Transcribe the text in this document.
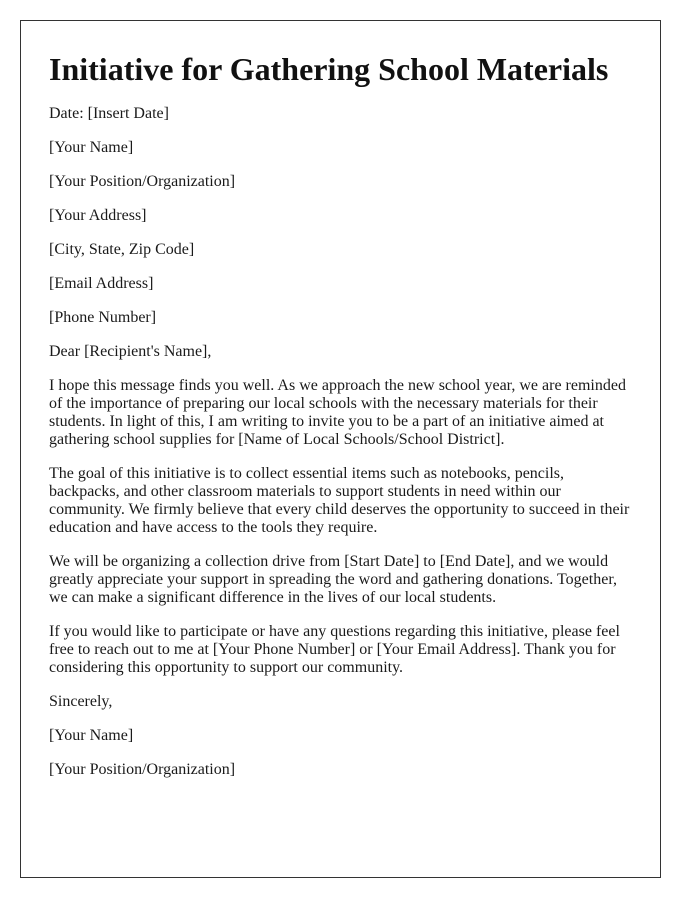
Initiative for Gathering School Materials
Date: [Insert Date]
[Your Name]
[Your Position/Organization]
[Your Address]
[City, State, Zip Code]
[Email Address]
[Phone Number]
Dear [Recipient's Name],

I hope this message finds you well. As we approach the new school year, we are reminded of the importance of preparing our local schools with the necessary materials for their students. In light of this, I am writing to invite you to be a part of an initiative aimed at gathering school supplies for [Name of Local Schools/School District].

The goal of this initiative is to collect essential items such as notebooks, pencils, backpacks, and other classroom materials to support students in need within our community. We firmly believe that every child deserves the opportunity to succeed in their education and have access to the tools they require.

We will be organizing a collection drive from [Start Date] to [End Date], and we would greatly appreciate your support in spreading the word and gathering donations. Together, we can make a significant difference in the lives of our local students.

If you would like to participate or have any questions regarding this initiative, please feel free to reach out to me at [Your Phone Number] or [Your Email Address]. Thank you for considering this opportunity to support our community.

Sincerely,
[Your Name]
[Your Position/Organization]
